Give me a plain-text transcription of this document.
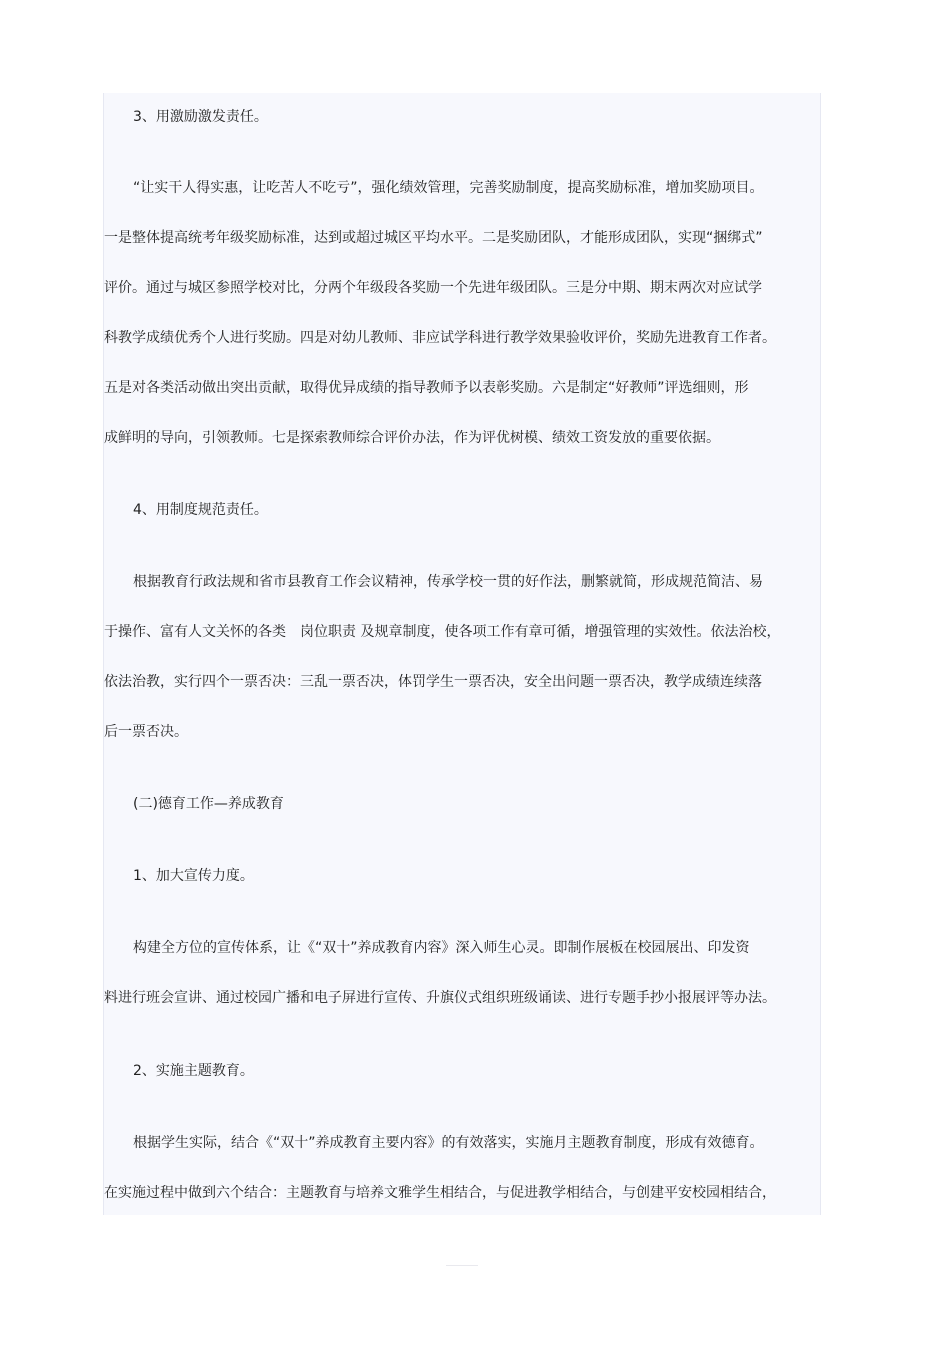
3、用激励激发责任。
“让实干人得实惠，让吃苦人不吃亏”，强化绩效管理，完善奖励制度，提高奖励标准，增加奖励项目。
一是整体提高统考年级奖励标准，达到或超过城区平均水平。二是奖励团队，才能形成团队，实现“捆绑式”
评价。通过与城区参照学校对比，分两个年级段各奖励一个先进年级团队。三是分中期、期末两次对应试学
科教学成绩优秀个人进行奖励。四是对幼儿教师、非应试学科进行教学效果验收评价，奖励先进教育工作者。
五是对各类活动做出突出贡献，取得优异成绩的指导教师予以表彰奖励。六是制定“好教师”评选细则，形
成鲜明的导向，引领教师。七是探索教师综合评价办法，作为评优树模、绩效工资发放的重要依据。
4、用制度规范责任。
根据教育行政法规和省市县教育工作会议精神，传承学校一贯的好作法，删繁就简，形成规范简洁、易
于操作、富有人文关怀的各类　岗位职责 及规章制度，使各项工作有章可循，增强管理的实效性。依法治校，
依法治教，实行四个一票否决：三乱一票否决，体罚学生一票否决，安全出问题一票否决，教学成绩连续落
后一票否决。
(二)德育工作—养成教育
1、加大宣传力度。
构建全方位的宣传体系，让《“双十”养成教育内容》深入师生心灵。即制作展板在校园展出、印发资
料进行班会宣讲、通过校园广播和电子屏进行宣传、升旗仪式组织班级诵读、进行专题手抄小报展评等办法。
2、实施主题教育。
根据学生实际，结合《“双十”养成教育主要内容》的有效落实，实施月主题教育制度，形成有效德育。
在实施过程中做到六个结合：主题教育与培养文雅学生相结合，与促进教学相结合，与创建平安校园相结合，
